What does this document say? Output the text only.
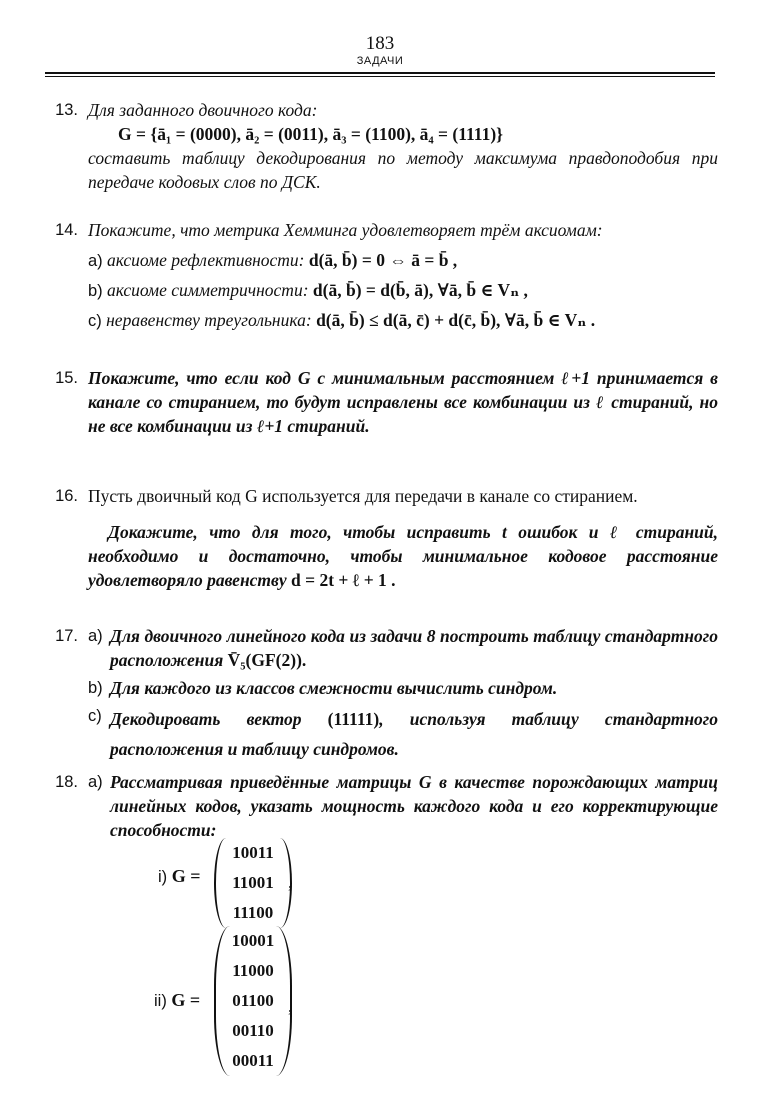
183
ЗАДАЧИ
13. Для заданного двоичного кода:
G = {ā₁ = (0000), ā₂ = (0011), ā₃ = (1100), ā₄ = (1111)}
составить таблицу декодирования по методу максимума правдоподобия при передаче кодовых слов по ДСК.
14. Покажите, что метрика Хемминга удовлетворяет трём аксиомам:
a) аксиоме рефлективности: d(ā, b̄) = 0 ⇔ ā = b̄ ,
b) аксиоме симметричности: d(ā, b̄) = d(b̄, ā), ∀ā, b̄ ∈ Vₙ ,
c) неравенству треугольника: d(ā, b̄) ≤ d(ā, c̄) + d(c̄, b̄), ∀ā, b̄ ∈ Vₙ .
15. Покажите, что если код G с минимальным расстоянием ℓ+1 принимается в канале со стиранием, то будут исправлены все комбинации из ℓ стираний, но не все комбинации из ℓ+1 стираний.
16. Пусть двоичный код G используется для передачи в канале со стиранием.
Докажите, что для того, чтобы исправить t ошибок и ℓ стираний, необходимо и достаточно, чтобы минимальное кодовое расстояние удовлетворяло равенству d = 2t + ℓ + 1 .
17. a) Для двоичного линейного кода из задачи 8 построить таблицу стандартного расположения V̄₅(GF(2)).
b) Для каждого из классов смежности вычислить синдром.
c) Декодировать вектор (11111), используя таблицу стандартного расположения и таблицу синдромов.
18. a) Рассматривая приведённые матрицы G в качестве порождающих матриц линейных кодов, указать мощность каждого кода и его корректирующие способности:
i) G =
10011
11001
11100
,
ii) G =
10001
11000
01100
00110
00011
,
